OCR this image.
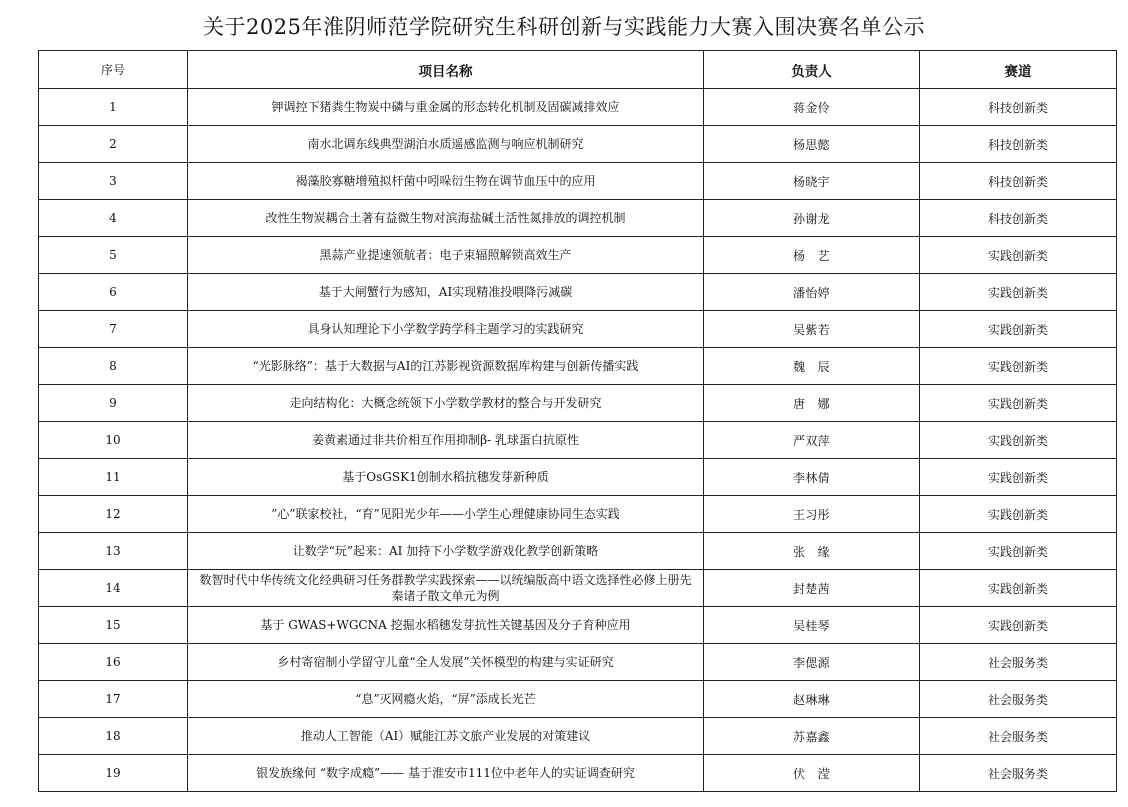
关于2025年淮阴师范学院研究生科研创新与实践能力大赛入围决赛名单公示
序号	项目名称	负责人	赛道
1	钾调控下猪粪生物炭中磷与重金属的形态转化机制及固碳减排效应	蒋金伶	科技创新类
2	南水北调东线典型湖泊水质遥感监测与响应机制研究	杨思懿	科技创新类
3	褐藻胶寡糖增殖拟杆菌中吲哚衍生物在调节血压中的应用	杨晓宇	科技创新类
4	改性生物炭耦合土著有益微生物对滨海盐碱土活性氮排放的调控机制	孙谢龙	科技创新类
5	黑蒜产业提速领航者：电子束辐照解锁高效生产	杨　艺	实践创新类
6	基于大闸蟹行为感知，AI实现精准投喂降污减碳	潘怡婷	实践创新类
7	具身认知理论下小学数学跨学科主题学习的实践研究	吴紫若	实践创新类
8	“光影脉络”：基于大数据与AI的江苏影视资源数据库构建与创新传播实践	魏　辰	实践创新类
9	走向结构化：大概念统领下小学数学教材的整合与开发研究	唐　娜	实践创新类
10	姜黄素通过非共价相互作用抑制β- 乳球蛋白抗原性	严双萍	实践创新类
11	基于OsGSK1创制水稻抗穗发芽新种质	李林倩	实践创新类
12	”心”联家校社，“育”见阳光少年——小学生心理健康协同生态实践	王习彤	实践创新类
13	让数学“玩”起来：AI 加持下小学数学游戏化教学创新策略	张　缘	实践创新类
14	数智时代中华传统文化经典研习任务群教学实践探索——以统编版高中语文选择性必修上册先秦诸子散文单元为例	封楚茜	实践创新类
15	基于 GWAS+WGCNA 挖掘水稻穗发芽抗性关键基因及分子育种应用	吴桂琴	实践创新类
16	乡村寄宿制小学留守儿童“全人发展”关怀模型的构建与实证研究	李偲源	社会服务类
17	“息”灭网瘾火焰，“屏”添成长光芒	赵琳琳	社会服务类
18	推动人工智能（AI）赋能江苏文旅产业发展的对策建议	苏嘉鑫	社会服务类
19	银发族缘何 “数字成瘾”—— 基于淮安市111位中老年人的实证调查研究	伏　滢	社会服务类
